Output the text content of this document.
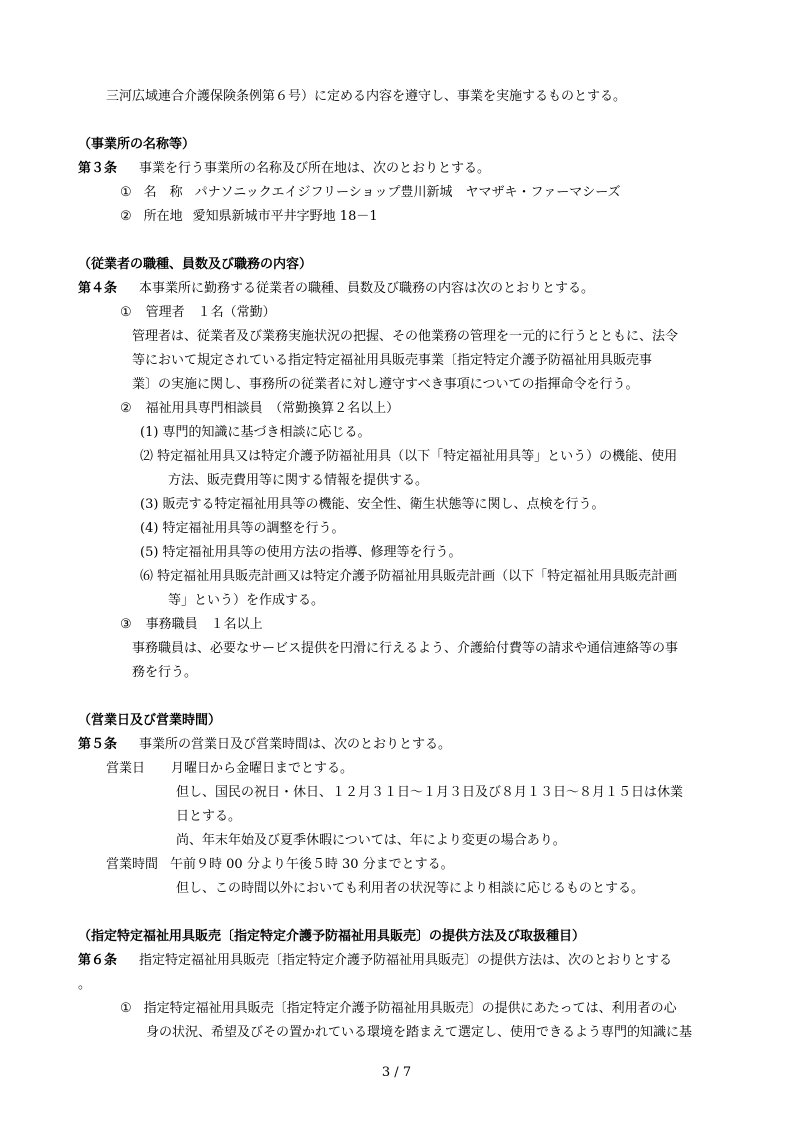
三河広域連合介護保険条例第６号）に定める内容を遵守し、事業を実施するものとする。
（事業所の名称等）
第３条 事業を行う事業所の名称及び所在地は、次のとおりとする。
① 名　称 パナソニックエイジフリーショップ豊川新城　ヤマザキ・ファーマシーズ
② 所在地 愛知県新城市平井字野地 18－1
（従業者の職種、員数及び職務の内容）
第４条 本事業所に勤務する従業者の職種、員数及び職務の内容は次のとおりとする。
① 管理者　１名（常勤）
管理者は、従業者及び業務実施状況の把握、その他業務の管理を一元的に行うとともに、法令
等において規定されている指定特定福祉用具販売事業〔指定特定介護予防福祉用具販売事
業〕の実施に関し、事務所の従業者に対し遵守すべき事項についての指揮命令を行う。
② 福祉用具専門相談員　（常勤換算２名以上）
(1) 専門的知識に基づき相談に応じる。
⑵ 特定福祉用具又は特定介護予防福祉用具（以下「特定福祉用具等」という）の機能、使用
方法、販売費用等に関する情報を提供する。
(3) 販売する特定福祉用具等の機能、安全性、衛生状態等に関し、点検を行う。
(4) 特定福祉用具等の調整を行う。
(5) 特定福祉用具等の使用方法の指導、修理等を行う。
⑹ 特定福祉用具販売計画又は特定介護予防福祉用具販売計画（以下「特定福祉用具販売計画
等」という）を作成する。
③ 事務職員　１名以上
事務職員は、必要なサービス提供を円滑に行えるよう、介護給付費等の請求や通信連絡等の事
務を行う。
（営業日及び営業時間）
第５条 事業所の営業日及び営業時間は、次のとおりとする。
営業日 月曜日から金曜日までとする。
但し、国民の祝日・休日、１２月３１日～１月３日及び８月１３日～８月１５日は休業
日とする。
尚、年末年始及び夏季休暇については、年により変更の場合あり。
営業時間 午前９時 00 分より午後５時 30 分までとする。
但し、この時間以外においても利用者の状況等により相談に応じるものとする。
（指定特定福祉用具販売〔指定特定介護予防福祉用具販売〕の提供方法及び取扱種目）
第６条 指定特定福祉用具販売〔指定特定介護予防福祉用具販売〕の提供方法は、次のとおりとする
。
① 指定特定福祉用具販売〔指定特定介護予防福祉用具販売〕の提供にあたっては、利用者の心
身の状況、希望及びその置かれている環境を踏まえて選定し、使用できるよう専門的知識に基
3 / 7
